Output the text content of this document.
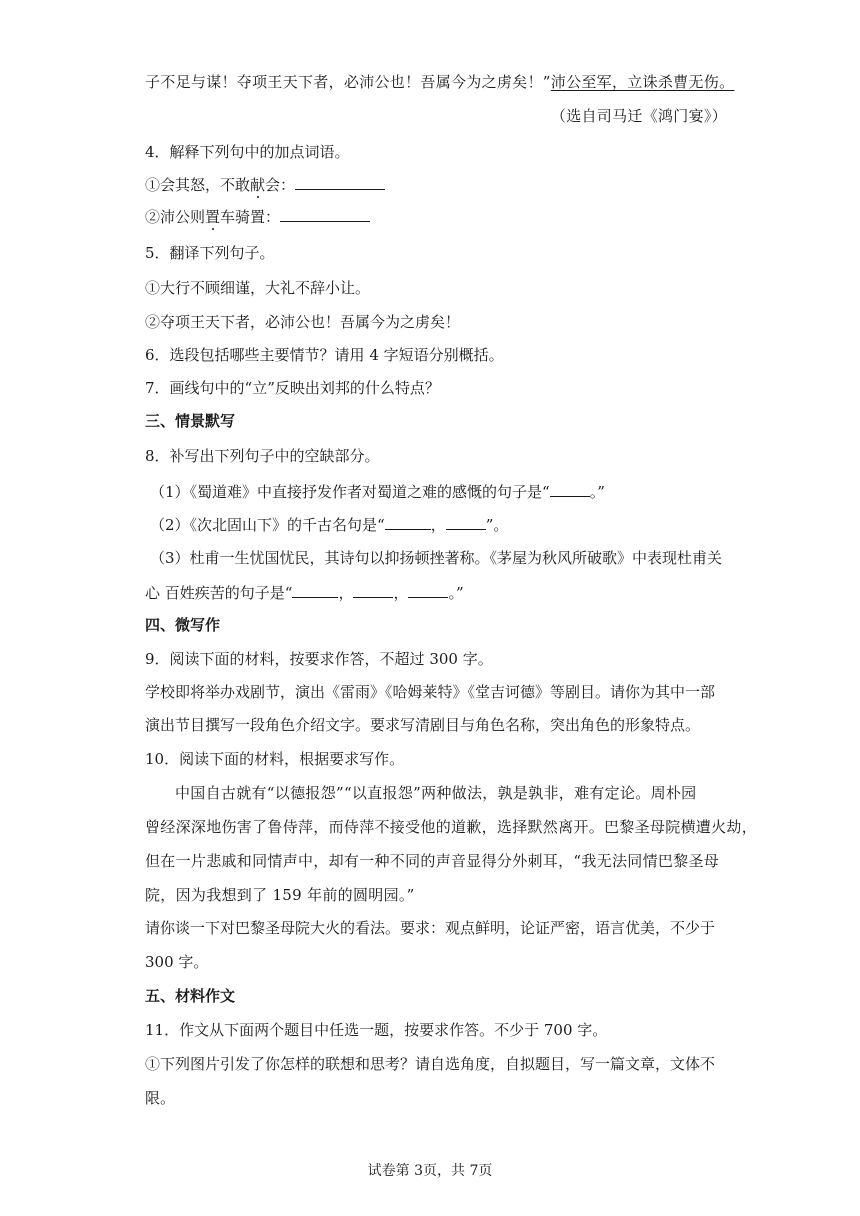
子不足与谋！夺项王天下者，必沛公也！吾属今为之虏矣！”沛公至军，立诛杀曹无伤。
（选自司马迁《鸿门宴》）
4．解释下列句中的加点词语。
①会其怒，不敢献会：
②沛公则置车骑置：
5．翻译下列句子。
①大行不顾细谨，大礼不辞小让。
②夺项王天下者，必沛公也！吾属今为之虏矣！
6．选段包括哪些主要情节？请用 4 字短语分别概括。
7．画线句中的“立”反映出刘邦的什么特点？
三、情景默写
8．补写出下列句子中的空缺部分。
（1）《蜀道难》中直接抒发作者对蜀道之难的感慨的句子是“	。”
（2）《次北固山下》的千古名句是“	，	”。
（3）杜甫一生忧国忧民，其诗句以抑扬顿挫著称。《茅屋为秋风所破歌》中表现杜甫关
心 百姓疾苦的句子是“	，	，	。”
四、微写作
9．阅读下面的材料，按要求作答，不超过 300 字。
学校即将举办戏剧节，演出《雷雨》《哈姆莱特》《堂吉诃德》等剧目。请你为其中一部
演出节目撰写一段角色介绍文字。要求写清剧目与角色名称，突出角色的形象特点。
10．阅读下面的材料，根据要求写作。
中国自古就有“以德报怨”“以直报怨”两种做法，孰是孰非，难有定论。周朴园
曾经深深地伤害了鲁侍萍，而侍萍不接受他的道歉，选择默然离开。巴黎圣母院横遭火劫，
但在一片悲戚和同情声中，却有一种不同的声音显得分外刺耳，“我无法同情巴黎圣母
院，因为我想到了 159 年前的圆明园。”
请你谈一下对巴黎圣母院大火的看法。要求：观点鲜明，论证严密，语言优美，不少于
300 字。
五、材料作文
11．作文从下面两个题目中任选一题，按要求作答。不少于 700 字。
①下列图片引发了你怎样的联想和思考？请自选角度，自拟题目，写一篇文章，文体不
限。
试卷第 3页，共 7页
